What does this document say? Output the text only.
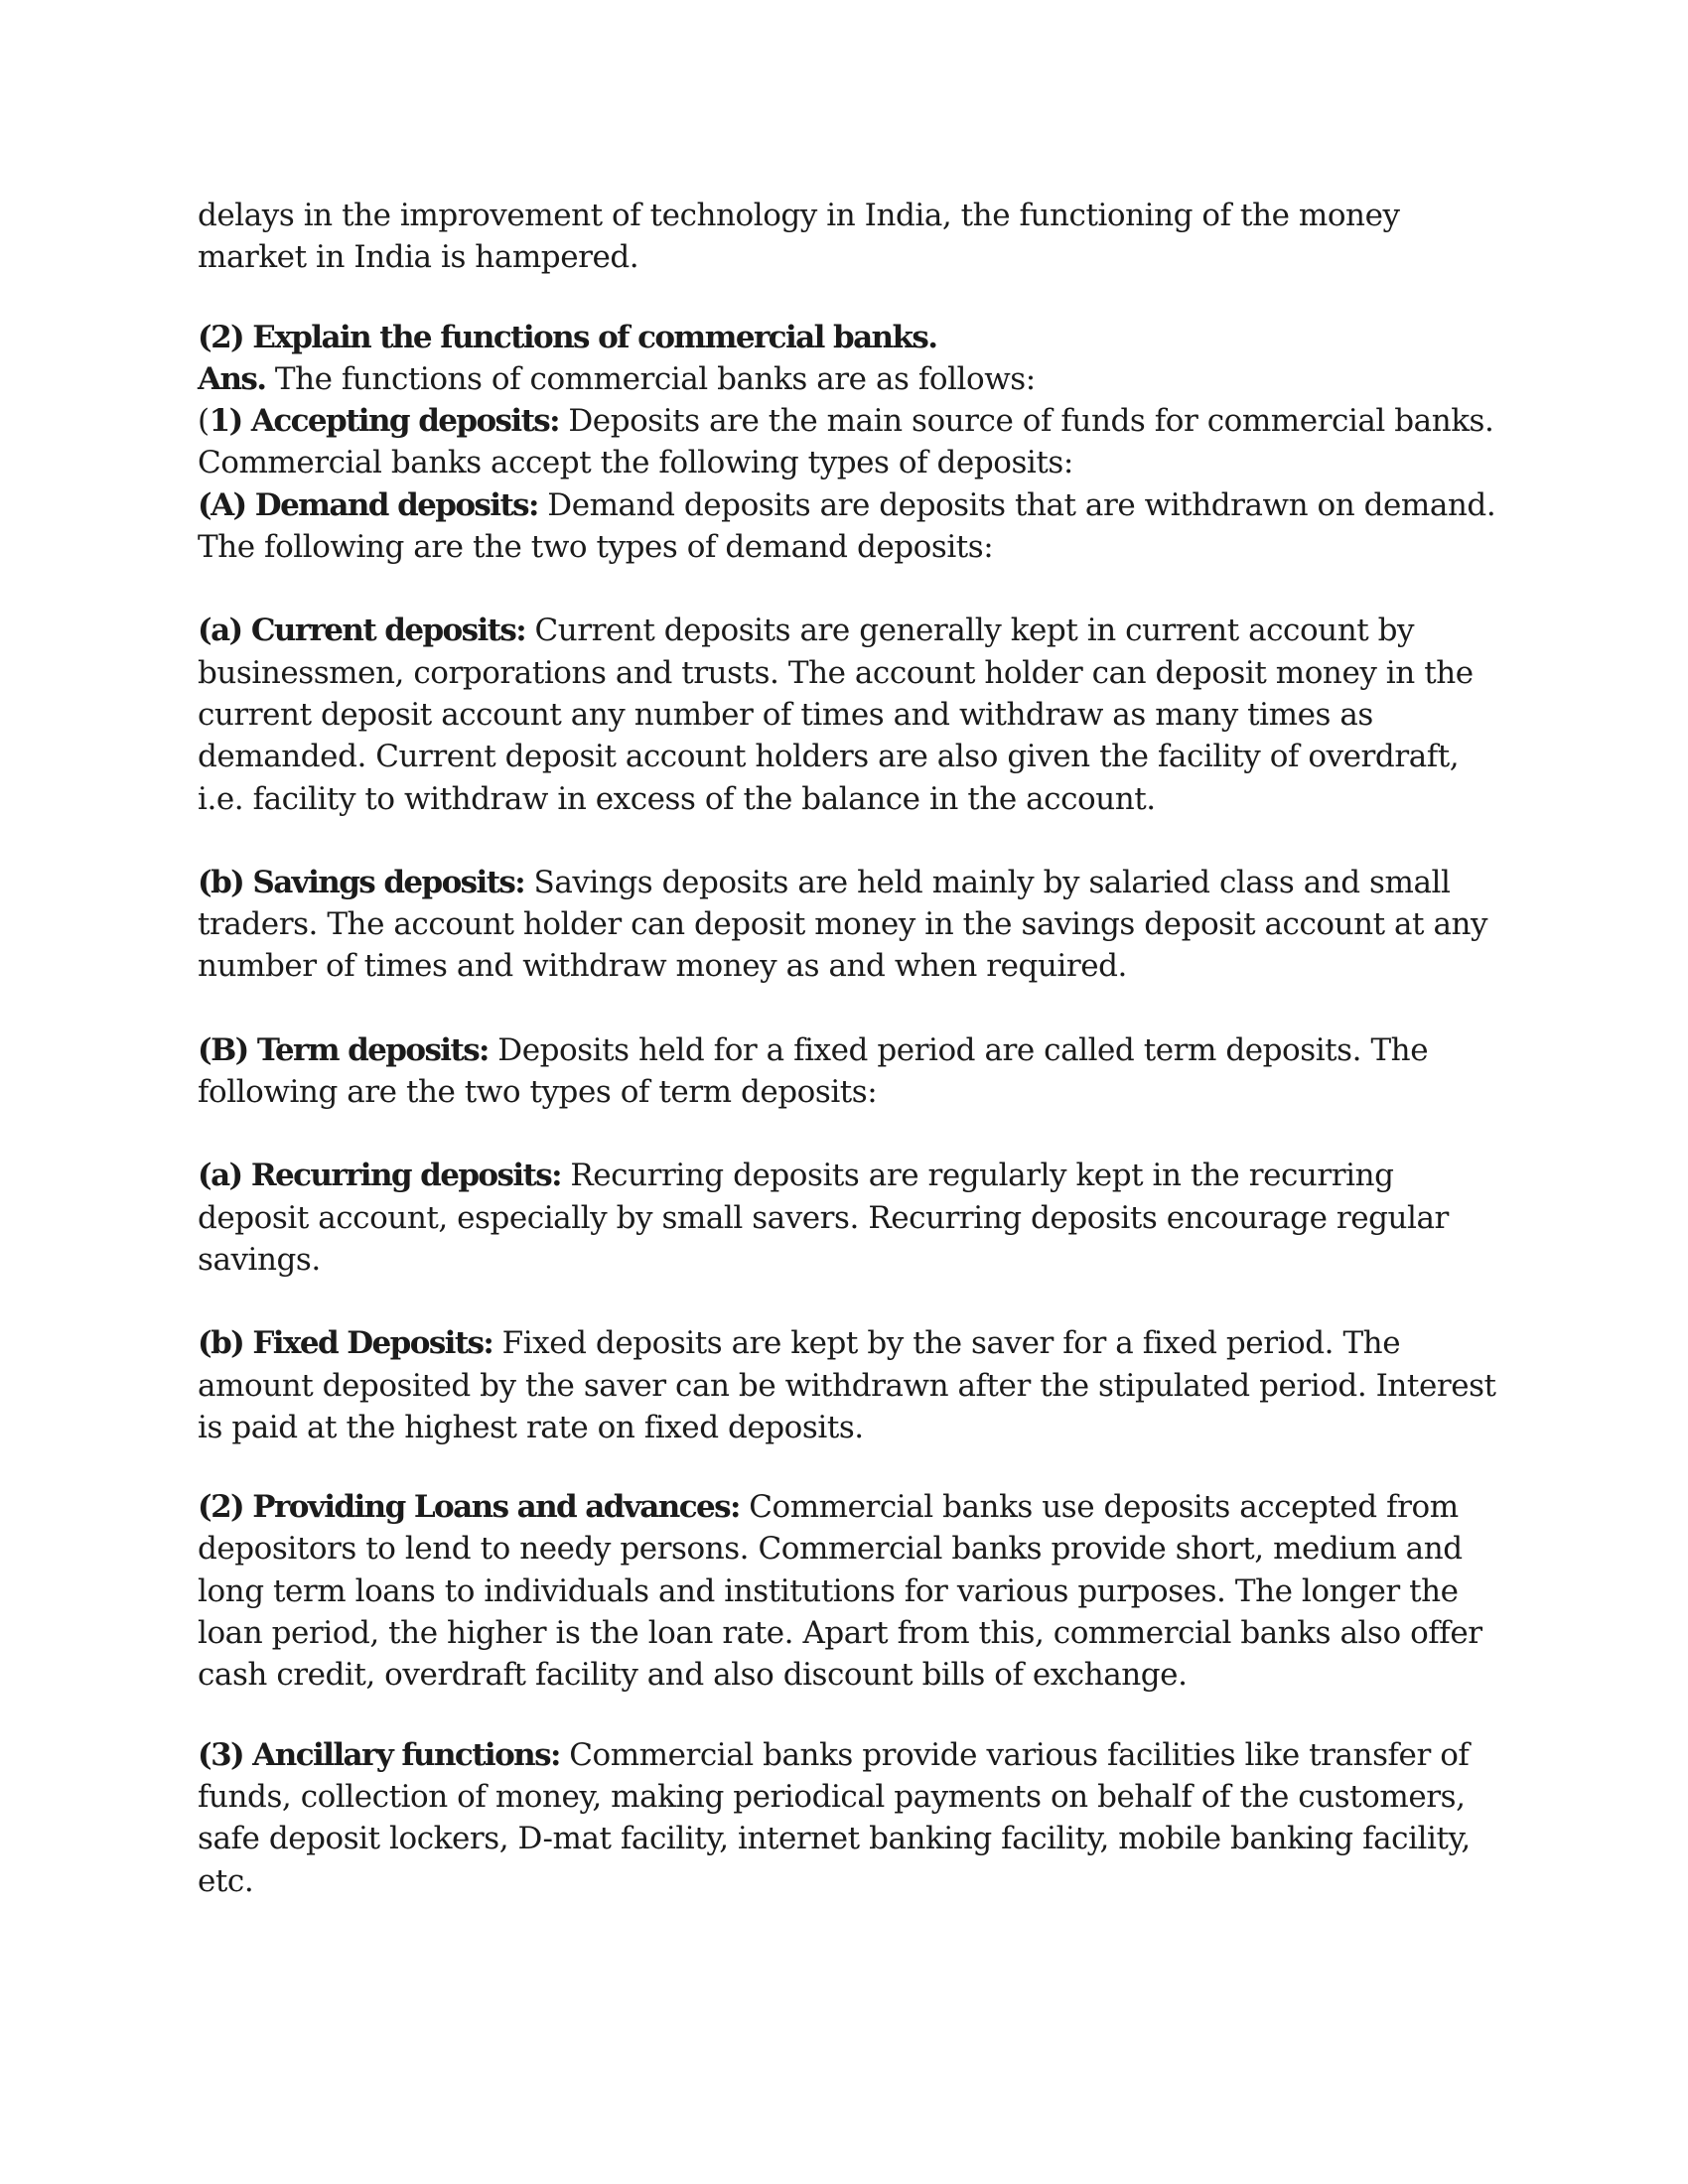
delays in the improvement of technology in India, the functioning of the money market in India is hampered.

(2) Explain the functions of commercial banks.

Ans. The functions of commercial banks are as follows:

(1) Accepting deposits: Deposits are the main source of funds for commercial banks. Commercial banks accept the following types of deposits:

(A) Demand deposits: Demand deposits are deposits that are withdrawn on demand.

The following are the two types of demand deposits:

(a) Current deposits: Current deposits are generally kept in current account by businessmen, corporations and trusts. The account holder can deposit money in the current deposit account any number of times and withdraw as many times as demanded. Current deposit account holders are also given the facility of overdraft, i.e. facility to withdraw in excess of the balance in the account.

(b) Savings deposits: Savings deposits are held mainly by salaried class and small traders. The account holder can deposit money in the savings deposit account at any number of times and withdraw money as and when required.

(B) Term deposits: Deposits held for a fixed period are called term deposits. The following are the two types of term deposits:

(a) Recurring deposits: Recurring deposits are regularly kept in the recurring deposit account, especially by small savers. Recurring deposits encourage regular savings.

(b) Fixed Deposits: Fixed deposits are kept by the saver for a fixed period. The amount deposited by the saver can be withdrawn after the stipulated period. Interest is paid at the highest rate on fixed deposits.

(2) Providing Loans and advances: Commercial banks use deposits accepted from depositors to lend to needy persons. Commercial banks provide short, medium and long term loans to individuals and institutions for various purposes. The longer the loan period, the higher is the loan rate. Apart from this, commercial banks also offer cash credit, overdraft facility and also discount bills of exchange.

(3) Ancillary functions: Commercial banks provide various facilities like transfer of funds, collection of money, making periodical payments on behalf of the customers, safe deposit lockers, D-mat facility, internet banking facility, mobile banking facility, etc.
